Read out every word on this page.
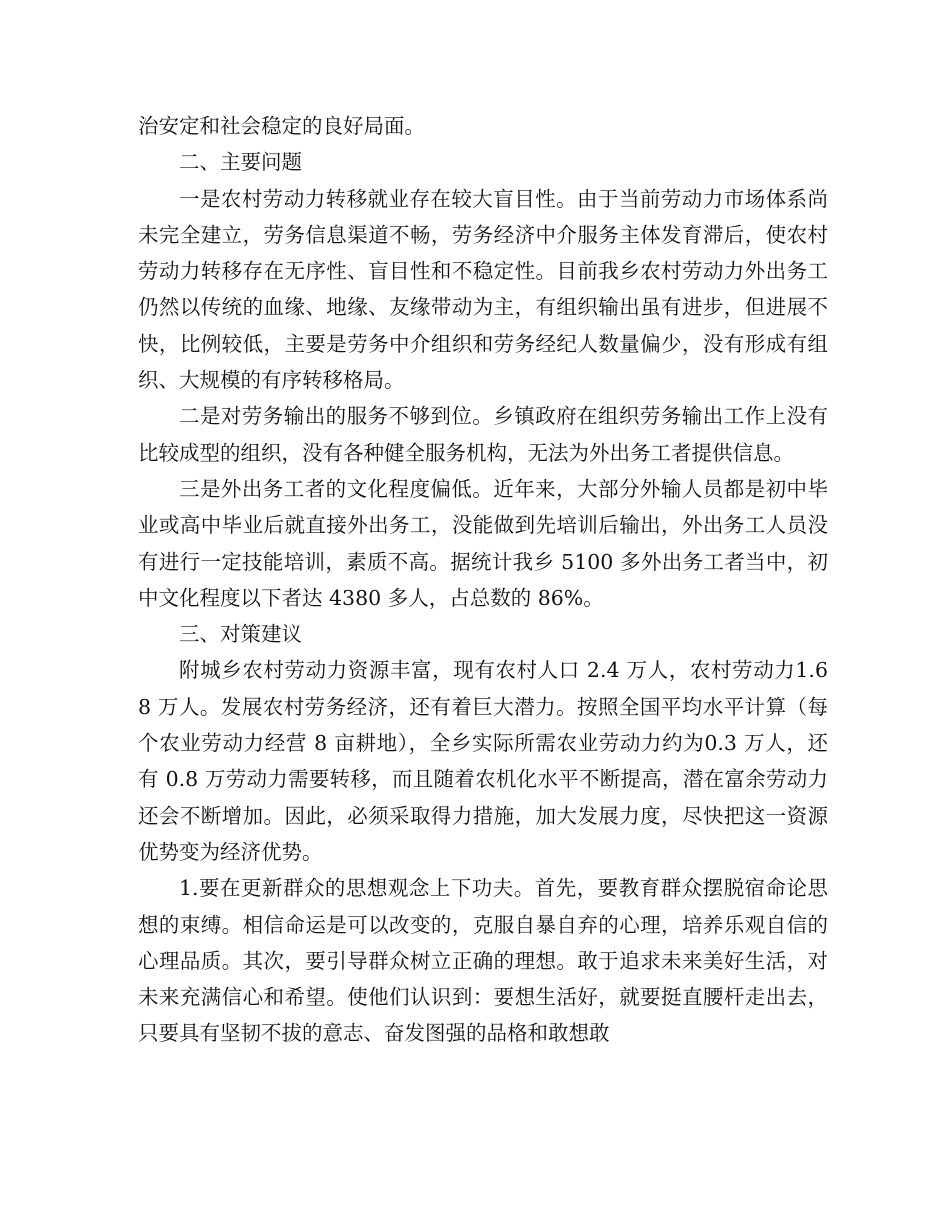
治安定和社会稳定的良好局面。

二、主要问题

一是农村劳动力转移就业存在较大盲目性。由于当前劳动力市场体系尚未完全建立，劳务信息渠道不畅，劳务经济中介服务主体发育滞后，使农村劳动力转移存在无序性、盲目性和不稳定性。目前我乡农村劳动力外出务工仍然以传统的血缘、地缘、友缘带动为主，有组织输出虽有进步，但进展不快，比例较低，主要是劳务中介组织和劳务经纪人数量偏少，没有形成有组织、大规模的有序转移格局。

二是对劳务输出的服务不够到位。乡镇政府在组织劳务输出工作上没有比较成型的组织，没有各种健全服务机构，无法为外出务工者提供信息。

三是外出务工者的文化程度偏低。近年来，大部分外输人员都是初中毕业或高中毕业后就直接外出务工，没能做到先培训后输出，外出务工人员没有进行一定技能培训，素质不高。据统计我乡 5100 多外出务工者当中，初中文化程度以下者达 4380 多人，占总数的 86%。

三、对策建议

附城乡农村劳动力资源丰富，现有农村人口 2.4 万人，农村劳动力1.6 8 万人。发展农村劳务经济，还有着巨大潜力。按照全国平均水平计算（每个农业劳动力经营 8 亩耕地），全乡实际所需农业劳动力约为0.3 万人，还有 0.8 万劳动力需要转移，而且随着农机化水平不断提高，潜在富余劳动力还会不断增加。因此，必须采取得力措施，加大发展力度，尽快把这一资源优势变为经济优势。

1.要在更新群众的思想观念上下功夫。首先，要教育群众摆脱宿命论思想的束缚。相信命运是可以改变的，克服自暴自弃的心理，培养乐观自信的心理品质。其次，要引导群众树立正确的理想。敢于追求未来美好生活，对未来充满信心和希望。使他们认识到：要想生活好，就要挺直腰杆走出去，只要具有坚韧不拔的意志、奋发图强的品格和敢想敢
